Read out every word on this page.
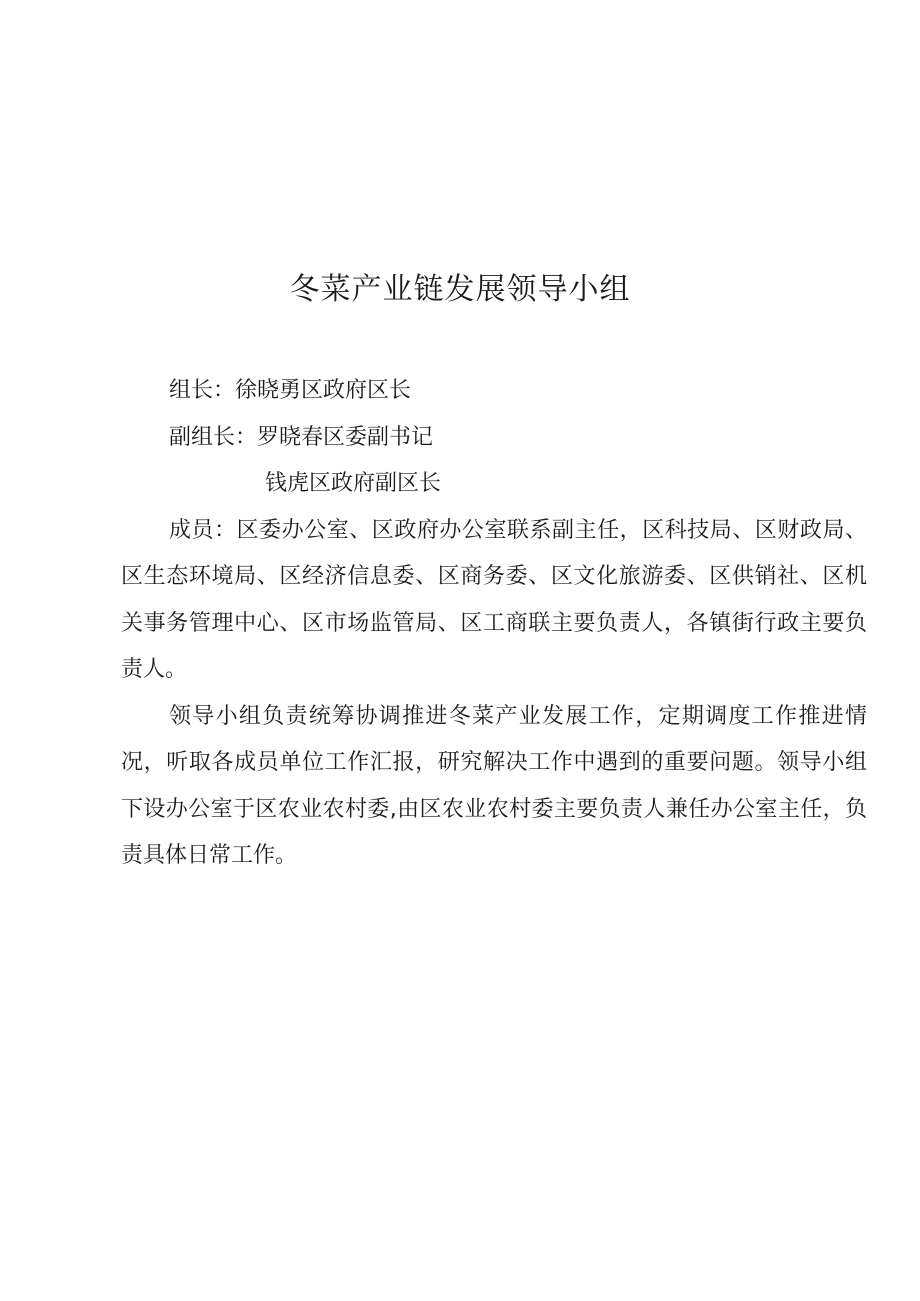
冬菜产业链发展领导小组

组长：徐晓勇区政府区长

副组长：罗晓春区委副书记

钱虎区政府副区长

成员：区委办公室、区政府办公室联系副主任，区科技局、区财政局、区生态环境局、区经济信息委、区商务委、区文化旅游委、区供销社、区机关事务管理中心、区市场监管局、区工商联主要负责人，各镇街行政主要负责人。

领导小组负责统筹协调推进冬菜产业发展工作，定期调度工作推进情况，听取各成员单位工作汇报，研究解决工作中遇到的重要问题。领导小组下设办公室于区农业农村委,由区农业农村委主要负责人兼任办公室主任，负责具体日常工作。
